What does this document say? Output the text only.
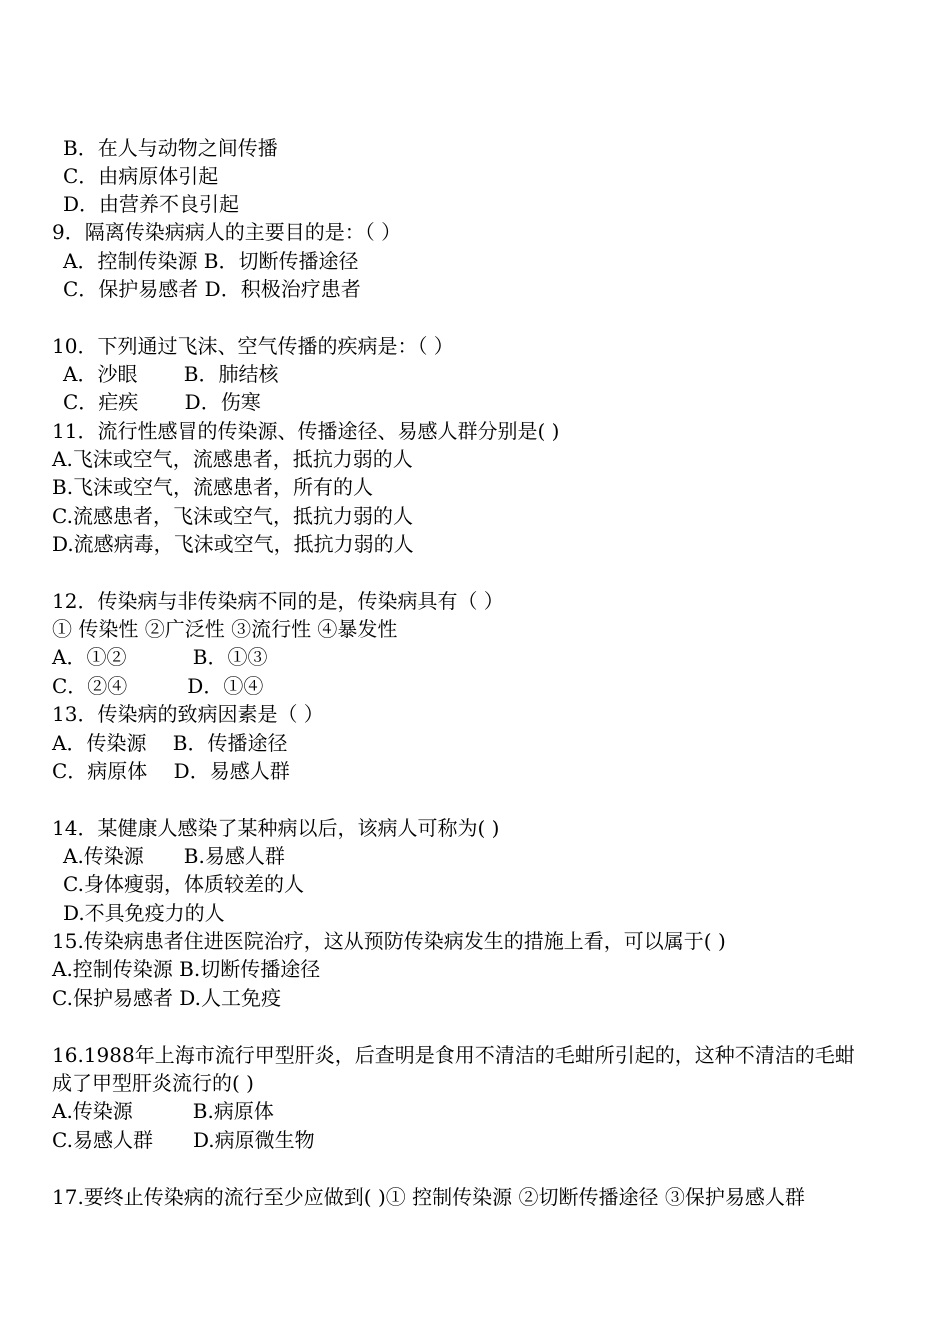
B．在人与动物之间传播
C．由病原体引起
D．由营养不良引起
9．隔离传染病病人的主要目的是：（ ）
A．控制传染源 B．切断传播途径
C．保护易感者 D．积极治疗患者
10．下列通过飞沫、空气传播的疾病是：（ ）
A．沙眼　　 B．肺结核
C．疟疾　　 D．伤寒
11．流行性感冒的传染源、传播途径、易感人群分别是( )
A.飞沫或空气，流感患者，抵抗力弱的人
B.飞沫或空气，流感患者，所有的人
C.流感患者，飞沫或空气，抵抗力弱的人
D.流感病毒，飞沫或空气，抵抗力弱的人
12．传染病与非传染病不同的是，传染病具有（ ）
① 传染性 ②广泛性 ③流行性 ④暴发性
A．①②　　　 B．①③
C．②④　　　D．①④
13．传染病的致病因素是（ ）
A．传染源　 B．传播途径
C．病原体　 D．易感人群
14．某健康人感染了某种病以后，该病人可称为( )
A.传染源　　B.易感人群
C.身体瘦弱，体质较差的人
D.不具免疫力的人
15.传染病患者住进医院治疗，这从预防传染病发生的措施上看，可以属于( )
A.控制传染源 B.切断传播途径
C.保护易感者 D.人工免疫
16.1988年上海市流行甲型肝炎，后查明是食用不清洁的毛蚶所引起的，这种不清洁的毛蚶
成了甲型肝炎流行的( )
A.传染源　　　B.病原体
C.易感人群　　D.病原微生物
17.要终止传染病的流行至少应做到( )① 控制传染源 ②切断传播途径 ③保护易感人群
